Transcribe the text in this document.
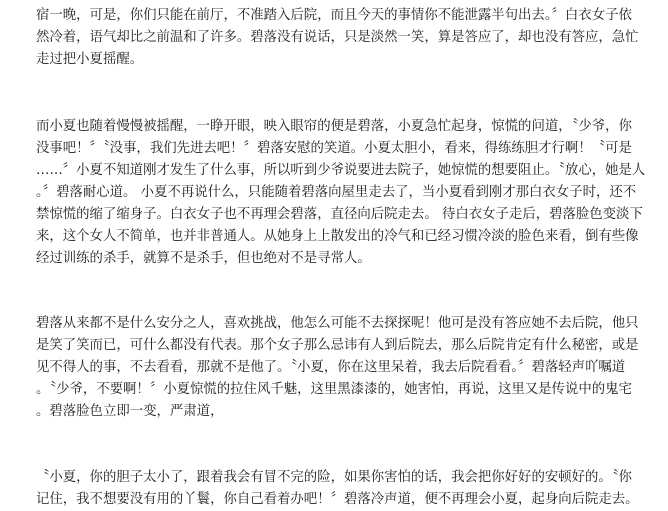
宿一晚，可是，你们只能在前厅，不准踏入后院，而且今天的事情你不能泄露半句出去。〞白衣女子依
然冷着，语气却比之前温和了许多。碧落没有说话，只是淡然一笑，算是答应了，却也没有答应，急忙
走过把小夏摇醒。
而小夏也随着慢慢被摇醒，一睁开眼，映入眼帘的便是碧落，小夏急忙起身，惊慌的问道，〝少爷，你
没事吧！〞〝没事，我们先进去吧！〞碧落安慰的笑道。小夏太胆小，看来，得练练胆才行啊！〝可是
……〞小夏不知道刚才发生了什么事，所以听到少爷说要进去院子，她惊慌的想要阻止。〝放心，她是人
。〞碧落耐心道。 小夏不再说什么，只能随着碧落向屋里走去了，当小夏看到刚才那白衣女子时，还不
禁惊慌的缩了缩身子。白衣女子也不再理会碧落，直径向后院走去。 待白衣女子走后，碧落脸色变淡下
来，这个女人不简单，也并非普通人。从她身上上散发出的冷气和已经习惯冷淡的脸色来看，倒有些像
经过训练的杀手，就算不是杀手，但也绝对不是寻常人。
碧落从来都不是什么安分之人，喜欢挑战，他怎么可能不去探探呢！他可是没有答应她不去后院，他只
是笑了笑而已，可什么都没有代表。那个女子那么忌讳有人到后院去，那么后院肯定有什么秘密，或是
见不得人的事，不去看看，那就不是他了。〝小夏，你在这里呆着，我去后院看看。〞碧落轻声吖嘱道
。〝少爷，不要啊！〞小夏惊慌的拉住风千魅，这里黑漆漆的，她害怕，再说，这里又是传说中的鬼宅
。碧落脸色立即一变，严肃道，
〝小夏，你的胆子太小了，跟着我会有冒不完的险，如果你害怕的话，我会把你好好的安顿好的。〝你
记住，我不想要没有用的丫鬟，你自己看着办吧！〞碧落冷声道，便不再理会小夏，起身向后院走去。
